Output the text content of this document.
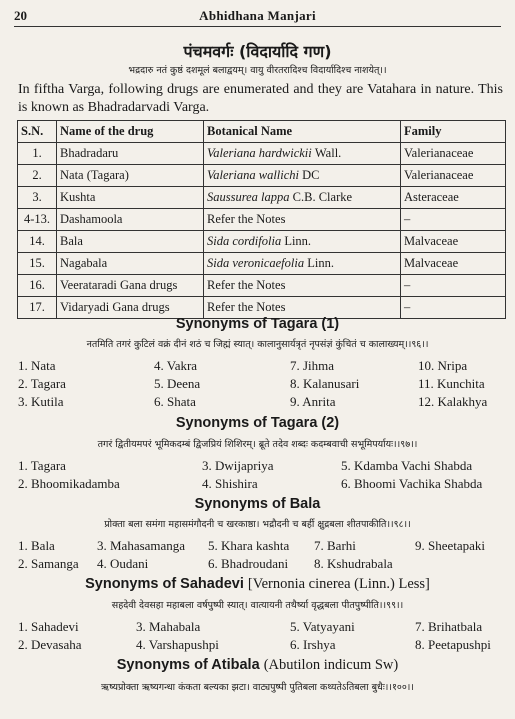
20	Abhidhana Manjari
पंचमवर्गः (विदार्यादि गण)
भद्रदारु नतं कुष्ठं दशमूलं बलाद्वयम्। वायु वीरतरादिश्च विदार्यादिश्च नाशयेत्।।
In fiftha Varga, following drugs are enumerated and they are Vatahara in nature. This is known as Bhadradarvadi Varga.
S.N.	Name of the drug	Botanical Name	Family
1.	Bhadradaru	Valeriana hardwickii Wall.	Valerianaceae
2.	Nata (Tagara)	Valeriana wallichi DC	Valerianaceae
3.	Kushta	Saussurea lappa C.B. Clarke	Asteraceae
4-13.	Dashamoola	Refer the Notes	–
14.	Bala	Sida cordifolia Linn.	Malvaceae
15.	Nagabala	Sida veronicaefolia Linn.	Malvaceae
16.	Veerataradi Gana drugs	Refer the Notes	–
17.	Vidaryadi Gana drugs	Refer the Notes	–
Synonyms of Tagara (1)
नतमिति तगरं कुटिलं वक्रं दीनं शठं च जिह्मं स्यात्। कालानुसार्यत्रृतं नृपसंज्ञं कुंचितं च कालाख्यम्।।९६।।
1. Nata	4. Vakra	7. Jihma	10. Nripa
2. Tagara	5. Deena	8. Kalanusari	11. Kunchita
3. Kutila	6. Shata	9. Anrita	12. Kalakhya
Synonyms of Tagara (2)
तगरं द्वितीयमपरं भूमिकदम्बं द्विजप्रियं शिशिरम्। ब्रूते तदेव शब्दः कदम्बवाची सभूमिपर्यायः।।९७।।
1. Tagara	3. Dwijapriya	5. Kdamba Vachi Shabda
2. Bhoomikadamba	4. Shishira	6. Bhoomi Vachika Shabda
Synonyms of Bala
प्रोक्ता बला समंगा महासमंगौदनी च खरकाष्ठा। भद्रौदनी च बर्ही क्षुद्रबला शीतपाकीति।।९८।।
1. Bala	3. Mahasamanga 5. Khara kashta 7. Barhi	9. Sheetapaki
2. Samanga 4. Oudani	6. Bhadroudani 8. Kshudrabala
Synonyms of Sahadevi [Vernonia cinerea (Linn.) Less]
सहदेवी देवसहा महाबला वर्षपुष्पी स्यात्। वात्यायनी तथैर्ष्या वृद्धबला पीतपुष्पीति।।९९।।
1. Sahadevi	3. Mahabala	5. Vatyayani	7. Brihatbala
2. Devasaha	4. Varshapushpi	6. Irshya	8. Peetapushpi
Synonyms of Atibala (Abutilon indicum Sw)
ऋष्यप्रोक्ता ऋष्यगन्धा कंकता बल्यका झटा। वाट्यपुष्पी पुतिबला कथ्यतेऽतिबला बुधैः।।१००।।
